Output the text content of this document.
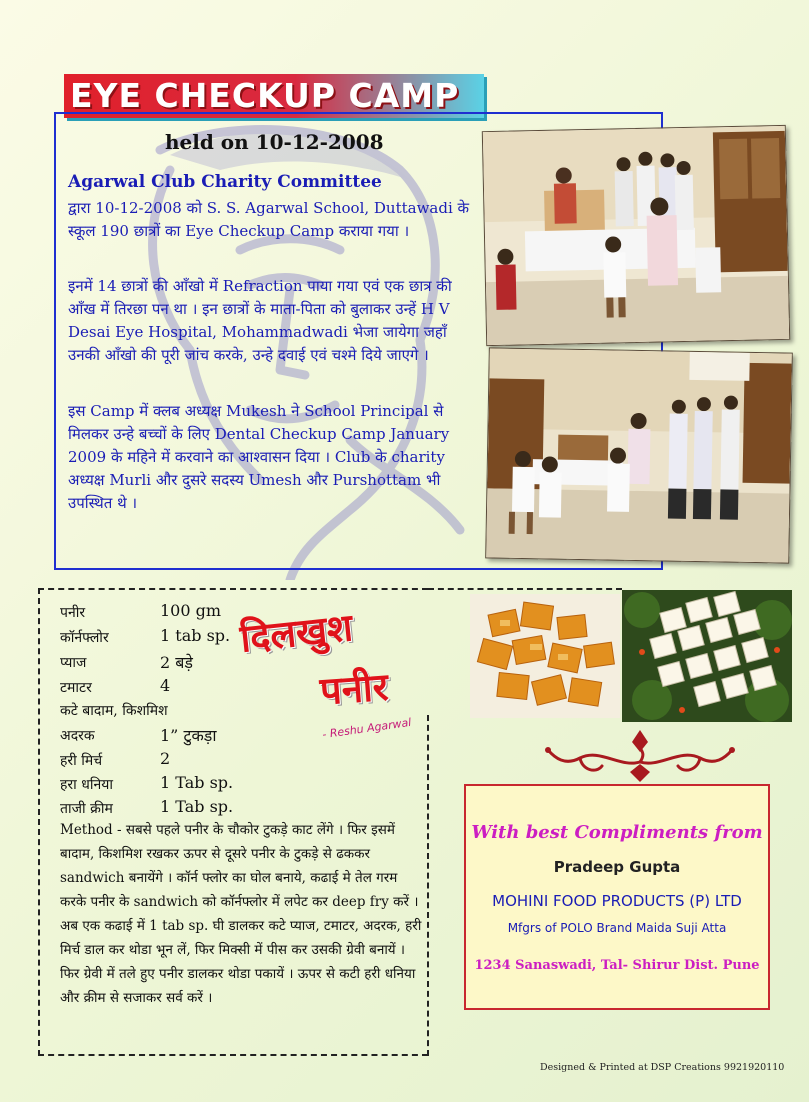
EYE CHECKUP CAMP
held on 10-12-2008
Agarwal Club Charity Committee
द्वारा 10-12-2008 को S. S. Agarwal School, Duttawadi के स्कूल 190 छात्रों का Eye Checkup Camp कराया गया ।
इनमें 14 छात्रों की आँखो में Refraction पाया गया एवं एक छात्र की आँख में तिरछा पन था । इन छात्रों के माता-पिता को बुलाकर उन्हें H V Desai Eye Hospital, Mohammadwadi भेजा जायेगा जहाँ उनकी आँखो की पूरी जांच करके, उन्हे दवाई एवं चश्मे दिये जाएगे ।
इस Camp में क्लब अध्यक्ष Mukesh ने School Principal से मिलकर उन्हे बच्चों के लिए Dental Checkup Camp January 2009 के महिने में करवाने का आश्वासन दिया । Club के charity अध्यक्ष Murli और दुसरे सदस्य Umesh और Purshottam भी उपस्थित थे ।
पनीर	100 gm
कॉर्नफ्लोर	1 tab sp.
प्याज	2 बड़े
टमाटर	4
कटे बादाम, किशमिश
अदरक	1” टुकड़ा
हरी मिर्च	2
हरा धनिया	1 Tab sp.
ताजी क्रीम	1 Tab sp.
दिलखुश
पनीर
- Reshu Agarwal
Method - सबसे पहले पनीर के चौकोर टुकड़े काट लेंगे । फिर इसमें बादाम, किशमिश रखकर ऊपर से दूसरे पनीर के टुकड़े से ढककर sandwich बनायेंगे । कॉर्न फ्लोर का घोल बनाये, कढाई मे तेल गरम करके पनीर के sandwich को कॉर्नफ्लोर में लपेट कर deep fry करें । अब एक कढाई में 1 tab sp. घी डालकर कटे प्याज, टमाटर, अदरक, हरी मिर्च डाल कर थोडा भून लें, फिर मिक्सी में पीस कर उसकी ग्रेवी बनायें । फिर ग्रेवी में तले हुए पनीर डालकर थोडा पकायें । ऊपर से कटी हरी धनिया और क्रीम से सजाकर सर्व करें ।
With best Compliments from
Pradeep Gupta
MOHINI FOOD PRODUCTS (P) LTD
Mfgrs of POLO Brand Maida Suji Atta
1234 Sanaswadi, Tal- Shirur Dist. Pune
Designed & Printed at DSP Creations 9921920110
